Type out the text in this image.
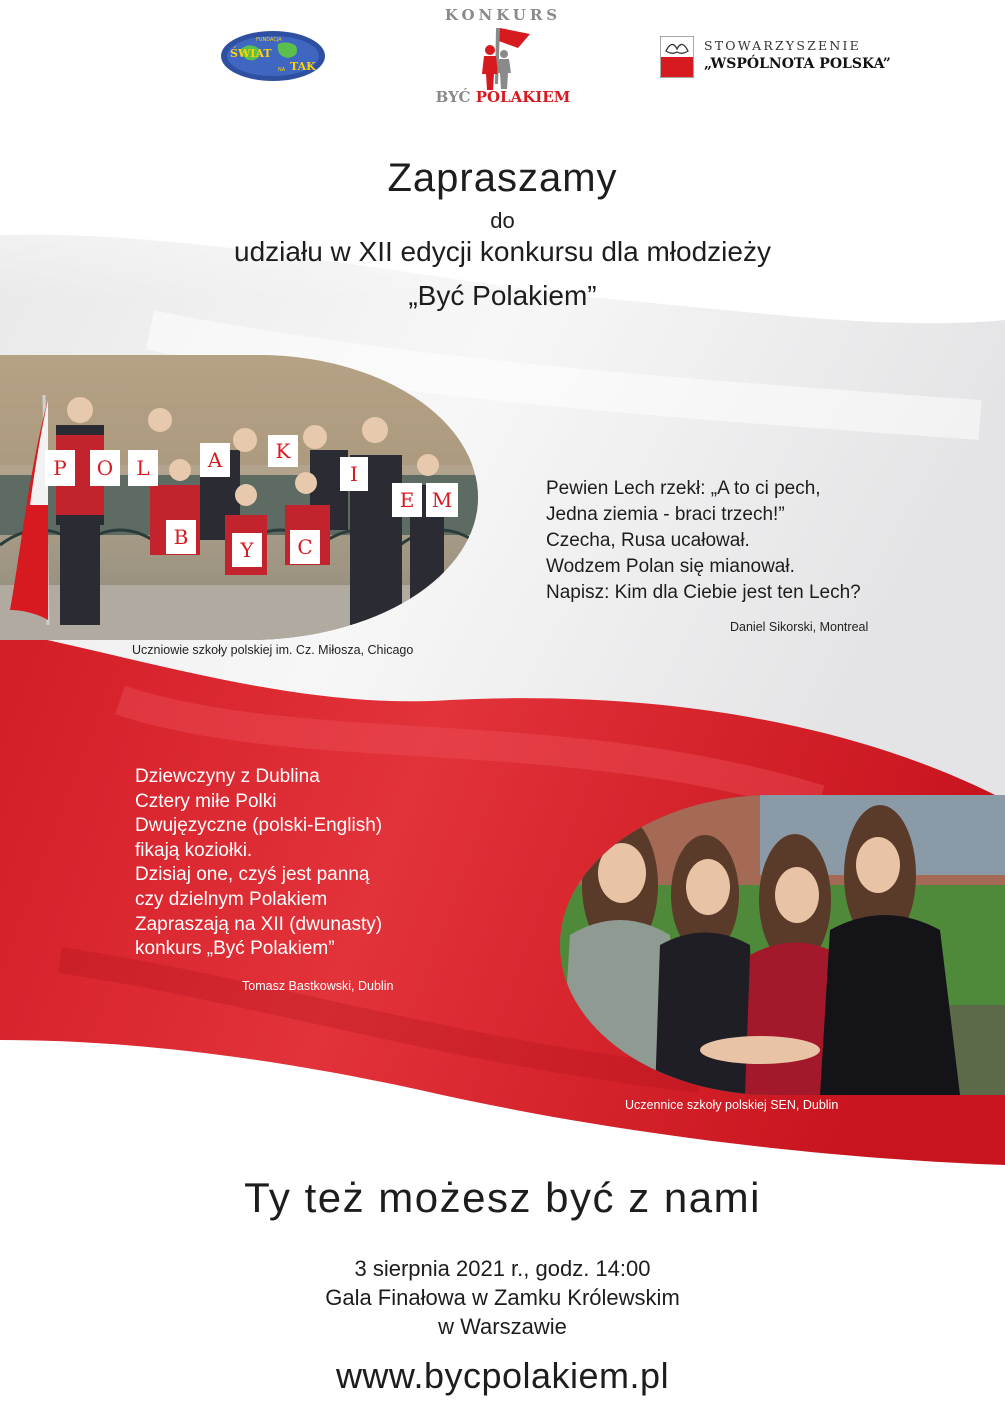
FUNDACJA
ŚWIAT
NA TAK
KONKURS
BYĆ POLAKIEM
STOWARZYSZENIE
„WSPÓLNOTA POLSKA”
Zapraszamy
do
udziału w XII edycji konkursu dla młodzieży
„Być Polakiem”
P O L	A	K
I
E M
B
Y C
Uczniowie szkoły polskiej im. Cz. Miłosza, Chicago
Pewien Lech rzekł: „A to ci pech,
Jedna ziemia - braci trzech!”
Czecha, Rusa ucałował.
Wodzem Polan się mianował.
Napisz: Kim dla Ciebie jest ten Lech?
Daniel Sikorski, Montreal
Dziewczyny z Dublina
Cztery miłe Polki
Dwujęzyczne (polski-English)
fikają koziołki.
Dzisiaj one, czyś jest panną
czy dzielnym Polakiem
Zapraszają na XII (dwunasty)
konkurs „Być Polakiem”
Tomasz Bastkowski, Dublin
Uczennice szkoły polskiej SEN, Dublin
Ty też możesz być z nami
3 sierpnia 2021 r., godz. 14:00
Gala Finałowa w Zamku Królewskim
w Warszawie
www.bycpolakiem.pl
